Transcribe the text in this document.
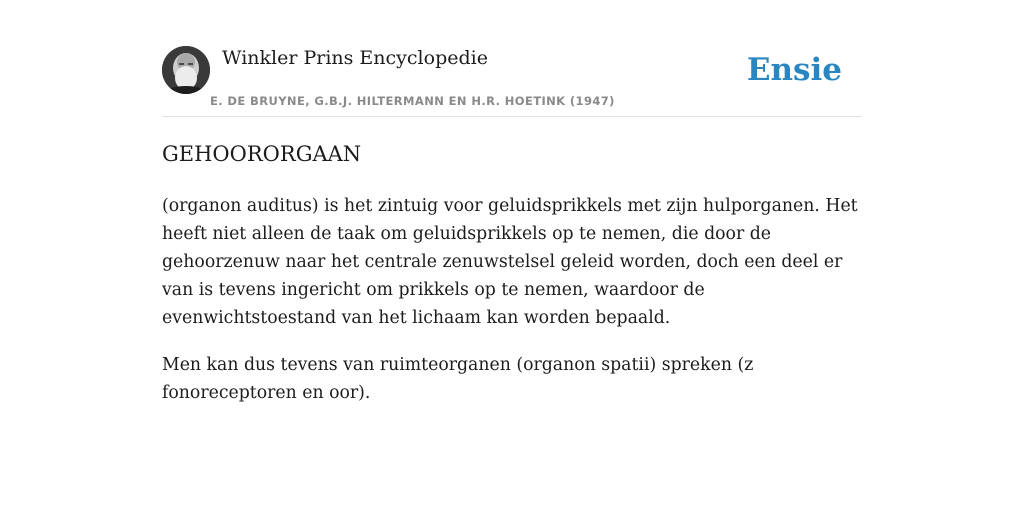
Winkler Prins Encyclopedie
E. DE BRUYNE, G.B.J. HILTERMANN EN H.R. HOETINK (1947)
Ensie
GEHOORORGAAN

(organon auditus) is het zintuig voor geluidsprikkels met zijn hulporganen. Het heeft niet alleen de taak om geluidsprikkels op te nemen, die door de gehoorzenuw naar het centrale zenuwstelsel geleid worden, doch een deel er van is tevens ingericht om prikkels op te nemen, waardoor de evenwichtstoestand van het lichaam kan worden bepaald.

Men kan dus tevens van ruimteorganen (organon spatii) spreken (z fonoreceptoren en oor).
